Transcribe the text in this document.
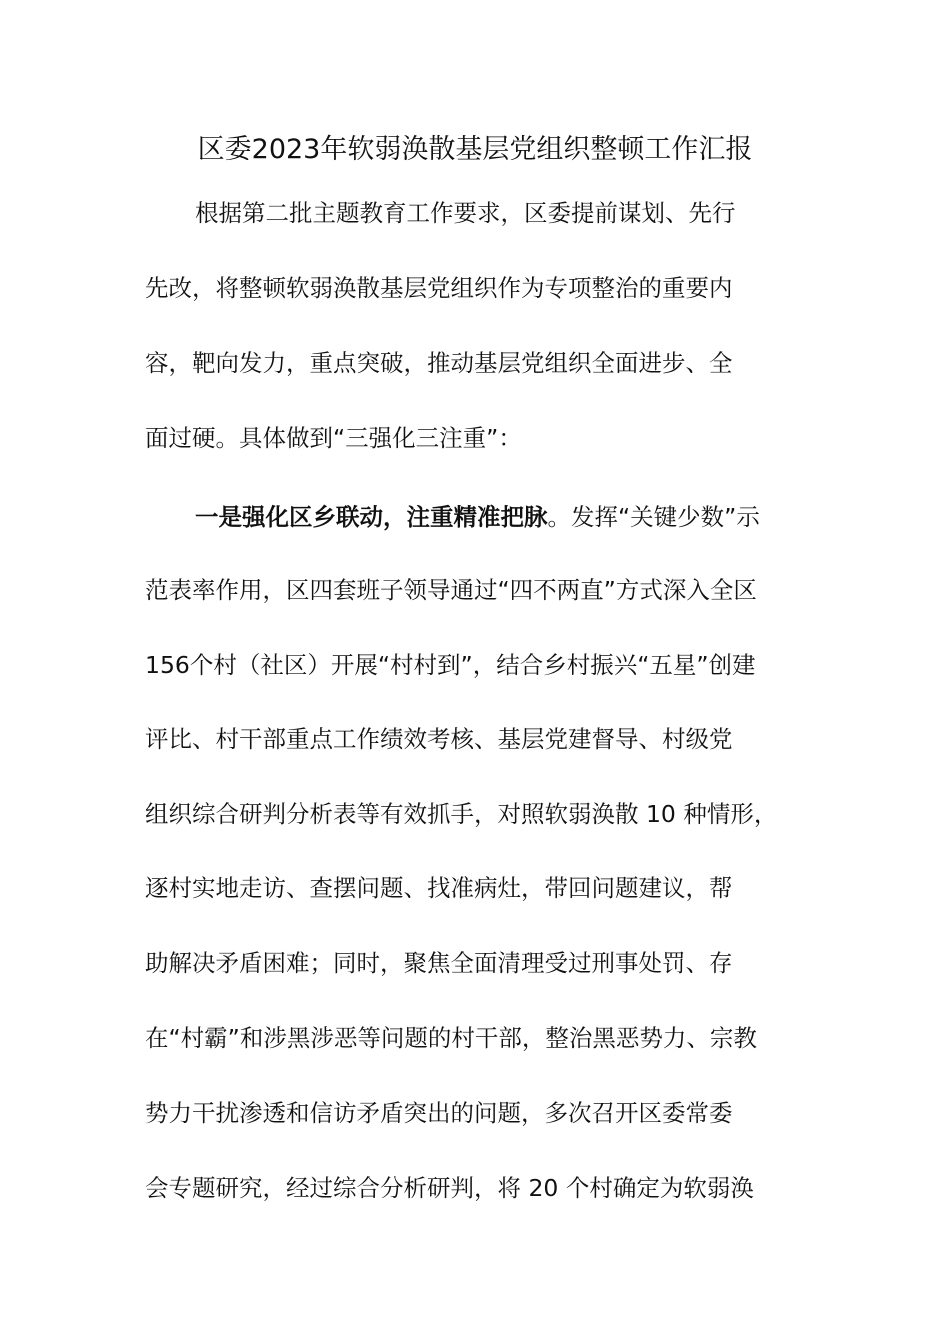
区委2023年软弱涣散基层党组织整顿工作汇报
根据第二批主题教育工作要求，区委提前谋划、先行
先改，将整顿软弱涣散基层党组织作为专项整治的重要内
容，靶向发力，重点突破，推动基层党组织全面进步、全
面过硬。具体做到“三强化三注重”：
一是强化区乡联动，注重精准把脉。发挥“关键少数”示
范表率作用，区四套班子领导通过“四不两直”方式深入全区
156个村（社区）开展“村村到”，结合乡村振兴“五星”创建
评比、村干部重点工作绩效考核、基层党建督导、村级党
组织综合研判分析表等有效抓手，对照软弱涣散 10 种情形，
逐村实地走访、查摆问题、找准病灶，带回问题建议，帮
助解决矛盾困难；同时，聚焦全面清理受过刑事处罚、存
在“村霸”和涉黑涉恶等问题的村干部，整治黑恶势力、宗教
势力干扰渗透和信访矛盾突出的问题，多次召开区委常委
会专题研究，经过综合分析研判，将 20 个村确定为软弱涣
